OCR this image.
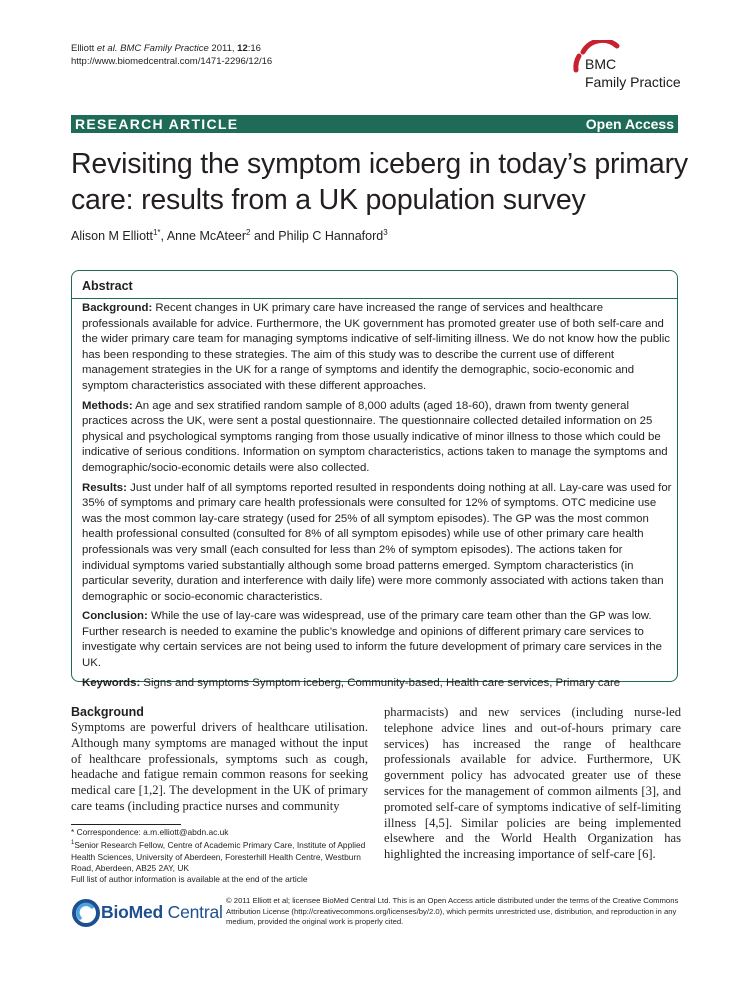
Elliott et al. BMC Family Practice 2011, 12:16
http://www.biomedcentral.com/1471-2296/12/16	BMC
Family Practice
RESEARCH ARTICLE	Open Access
Revisiting the symptom iceberg in today’s primary care: results from a UK population survey
Alison M Elliott$^{1*}$, Anne McAteer$^2$ and Philip C Hannaford$^3$
Abstract

Background: Recent changes in UK primary care have increased the range of services and healthcare professionals available for advice. Furthermore, the UK government has promoted greater use of both self-care and the wider primary care team for managing symptoms indicative of self-limiting illness. We do not know how the public has been responding to these strategies. The aim of this study was to describe the current use of different management strategies in the UK for a range of symptoms and identify the demographic, socio-economic and symptom characteristics associated with these different approaches.

Methods: An age and sex stratified random sample of 8,000 adults (aged 18-60), drawn from twenty general practices across the UK, were sent a postal questionnaire. The questionnaire collected detailed information on 25 physical and psychological symptoms ranging from those usually indicative of minor illness to those which could be indicative of serious conditions. Information on symptom characteristics, actions taken to manage the symptoms and demographic/socio-economic details were also collected.

Results: Just under half of all symptoms reported resulted in respondents doing nothing at all. Lay-care was used for 35% of symptoms and primary care health professionals were consulted for 12% of symptoms. OTC medicine use was the most common lay-care strategy (used for 25% of all symptom episodes). The GP was the most common health professional consulted (consulted for 8% of all symptom episodes) while use of other primary care health professionals was very small (each consulted for less than 2% of symptom episodes). The actions taken for individual symptoms varied substantially although some broad patterns emerged. Symptom characteristics (in particular severity, duration and interference with daily life) were more commonly associated with actions taken than demographic or socio-economic characteristics.

Conclusion: While the use of lay-care was widespread, use of the primary care team other than the GP was low. Further research is needed to examine the public’s knowledge and opinions of different primary care services to investigate why certain services are not being used to inform the future development of primary care services in the UK.

Keywords: Signs and symptoms Symptom iceberg, Community-based, Health care services, Primary care

Background
Symptoms are powerful drivers of healthcare utilisation. Although many symptoms are managed without the input of healthcare professionals, symptoms such as cough, headache and fatigue remain common reasons for seeking medical care [1,2]. The development in the UK of primary care teams (including practice nurses and community
pharmacists) and new services (including nurse-led telephone advice lines and out-of-hours primary care services) has increased the range of healthcare professionals available for advice. Furthermore, UK government policy has advocated greater use of these services for the management of common ailments [3], and promoted self-care of symptoms indicative of self-limiting illness [4,5]. Similar policies are being implemented elsewhere and the World Health Organization has highlighted the increasing importance of self-care [6].
* Correspondence: a.m.elliott@abdn.ac.uk
$^1$Senior Research Fellow, Centre of Academic Primary Care, Institute of Applied Health Sciences, University of Aberdeen, Foresterhill Health Centre, Westburn Road, Aberdeen, AB25 2AY, UK
Full list of author information is available at the end of the article
BioMed Central
© 2011 Elliott et al; licensee BioMed Central Ltd. This is an Open Access article distributed under the terms of the Creative Commons Attribution License (http://creativecommons.org/licenses/by/2.0), which permits unrestricted use, distribution, and reproduction in any medium, provided the original work is properly cited.
